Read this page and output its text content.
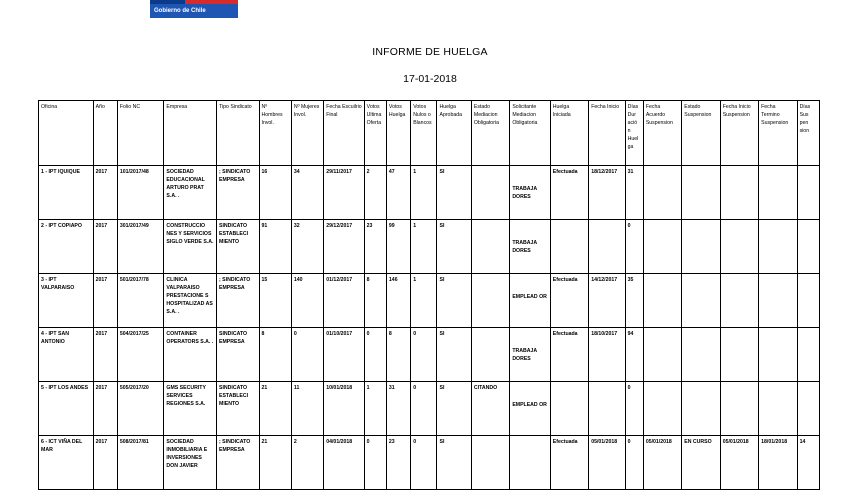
Gobierno de Chile
INFORME DE HUELGA
17-01-2018
Oficina	Año	Folio NC	Empresa	Tipo Sindicato	Nº Hombres Invol.	Nº Mujeres Invol.	Fecha Escuilrio Final	Votos Ultima Oferta	Votos Huelga	Votos Nulos o Blancos	Huelga Aprobada	Estado Mediacion Obligatoria	Solicitante Mediacion Obligatoria	Huelga Iniciada	Fecha Inicio	Días Dur ació n Huel ga	Fecha Acuerdo Suspension	Estado Suspension	Fecha Inicio Suspension	Fecha Termino Suspension	Días Sus pen sion
1 - IPT IQUIQUE	2017	101/2017/48	SOCIEDAD EDUCACIONAL ARTURO PRAT S.A. .	; SINDICATO EMPRESA	16	34	29/11/2017	2	47	1	SI		TRABAJA DORES	Efectuada	18/12/2017	31					
2 - IPT COPIAPO	2017	301/2017/49	CONSTRUCCIO NES Y SERVICIOS SIGLO VERDE S.A.	SINDICATO ESTABLECI MIENTO	91	32	29/12/2017	23	99	1	SI		TRABAJA DORES			0					
3 - IPT VALPARAISO	2017	501/2017/78	CLINICA VALPARAISO PRESTACIONE S HOSPITALIZAD AS S.A. .	; SINDICATO EMPRESA	15	140	01/12/2017	8	146	1	SI		EMPLEAD OR	Efectuada	14/12/2017	35					
4 - IPT SAN ANTONIO	2017	504/2017/25	CONTAINER OPERATORS S.A. .	SINDICATO EMPRESA	8	0	01/10/2017	0	8	0	SI		TRABAJA DORES	Efectuada	18/10/2017	94					
5 - IPT LOS ANDES	2017	505/2017/20	GMS SECURITY SERVICES REGIONES S.A.	SINDICATO ESTABLECI MIENTO	21	11	10/01/2018	1	31	0	SI	CITANDO	EMPLEAD OR			0					
6 - ICT VIÑA DEL MAR	2017	508/2017/81	SOCIEDAD INMOBILIARIA E INVERSIONES DON JAVIER	; SINDICATO EMPRESA	21	2	04/01/2018	0	23	0	SI			Efectuada	05/01/2018	0	05/01/2018	EN CURSO	05/01/2018	18/01/2018	14
